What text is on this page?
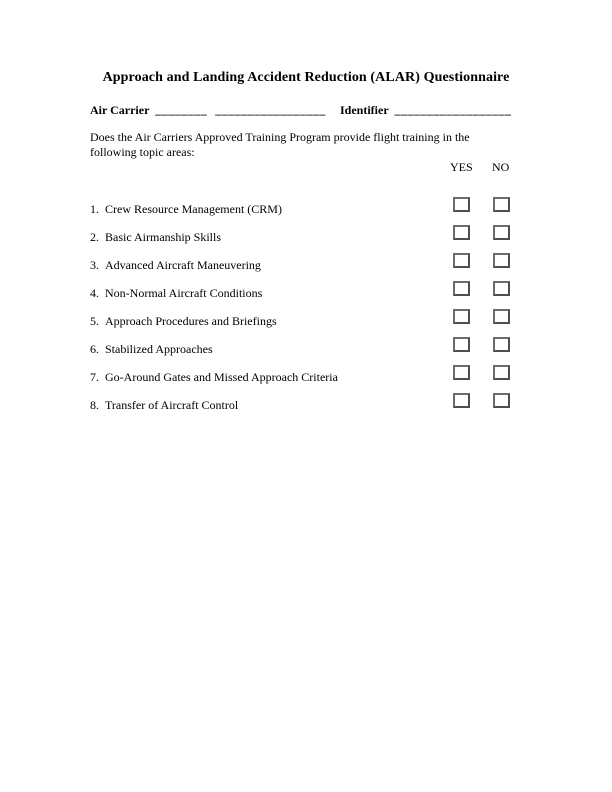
Approach and Landing Accident Reduction (ALAR) Questionnaire
Air Carrier ________ _________________ Identifier __________________
Does the Air Carriers Approved Training Program provide flight training in the
following topic areas:
YES NO
1. Crew Resource Management (CRM)
2. Basic Airmanship Skills
3. Advanced Aircraft Maneuvering
4. Non-Normal Aircraft Conditions
5. Approach Procedures and Briefings
6. Stabilized Approaches
7. Go-Around Gates and Missed Approach Criteria
8. Transfer of Aircraft Control
